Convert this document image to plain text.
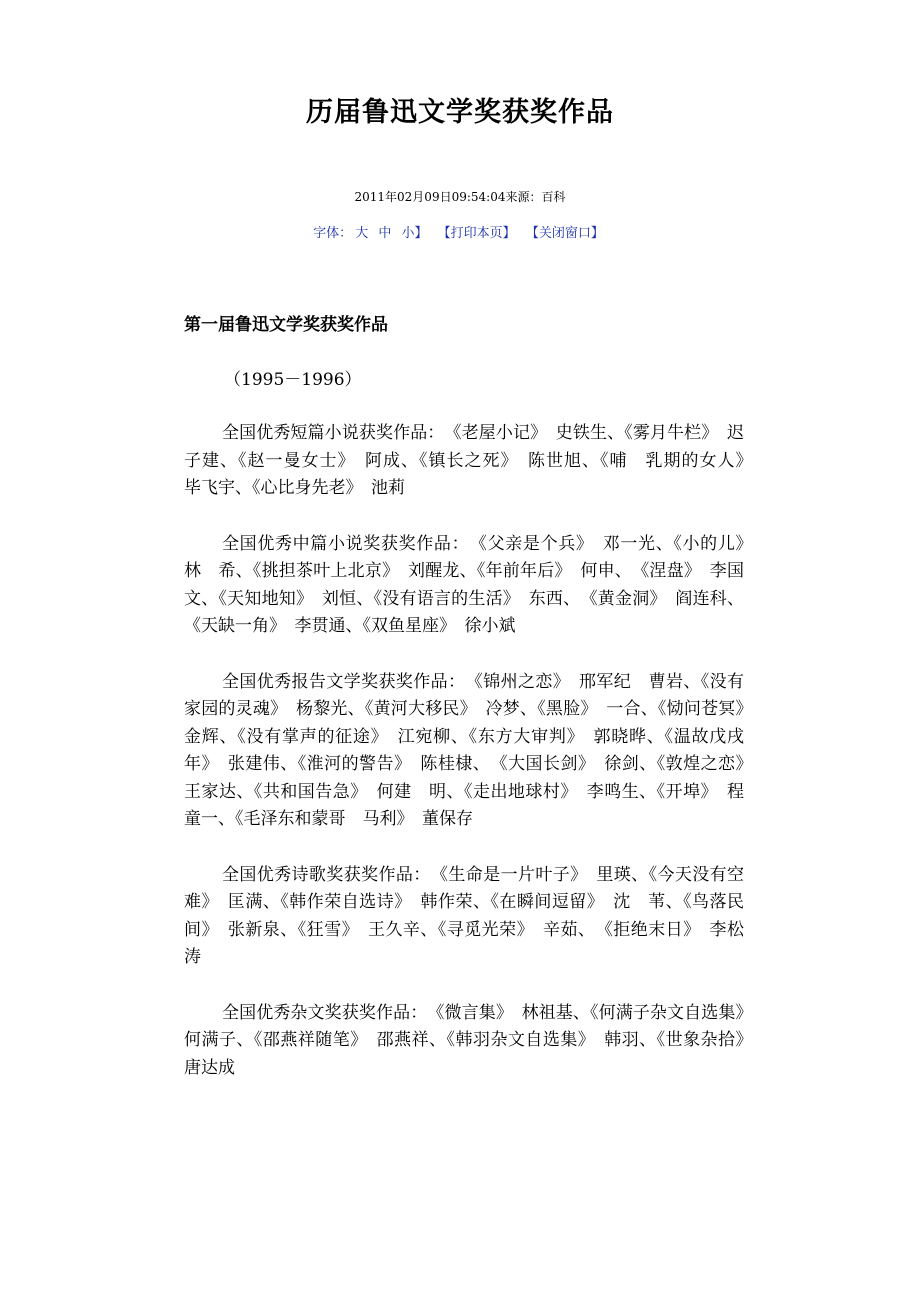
历届鲁迅文学奖获奖作品
2011年02月09日09:54:04来源：百科
字体： 大 中 小】 【打印本页】 【关闭窗口】

第一届鲁迅文学奖获奖作品

（1995－1996）

全国优秀短篇小说获奖作品：　《老屋小记》　史铁生、《雾月牛栏》　迟子建、《赵一曼女士》　阿成、《镇长之死》　陈世旭、《哺　乳期的女人》　毕飞宇、《心比身先老》　池莉

全国优秀中篇小说奖获奖作品：　《父亲是个兵》　邓一光、《小的儿》　林　希、《挑担茶叶上北京》　刘醒龙、《年前年后》　何申、　《涅盘》　李国文、《天知地知》　刘恒、《没有语言的生活》　东西、　《黄金洞》　阎连科、《天缺一角》　李贯通、《双鱼星座》　徐小斌

全国优秀报告文学奖获奖作品：　《锦州之恋》　邢军纪　曹岩、《没有家园的灵魂》　杨黎光、《黄河大移民》　冷梦、《黑脸》　一合、《恸问苍冥》　金辉、《没有掌声的征途》　江宛柳、《东方大审判》　郭晓晔、《温故戊戌年》　张建伟、《淮河的警告》　陈桂棣、　《大国长剑》　徐剑、《敦煌之恋》　王家达、《共和国告急》　何建　明、《走出地球村》　李鸣生、《开埠》　程童一、《毛泽东和蒙哥　马利》　董保存

全国优秀诗歌奖获奖作品：　《生命是一片叶子》　里瑛、《今天没有空难》　匡满、《韩作荣自选诗》　韩作荣、《在瞬间逗留》　沈　苇、《鸟落民间》　张新泉、《狂雪》　王久辛、《寻觅光荣》　辛茹、　《拒绝末日》　李松涛

全国优秀杂文奖获奖作品：　《微言集》　林祖基、《何满子杂文自选集》　何满子、《邵燕祥随笔》　邵燕祥、《韩羽杂文自选集》　韩羽、《世象杂拾》　唐达成
